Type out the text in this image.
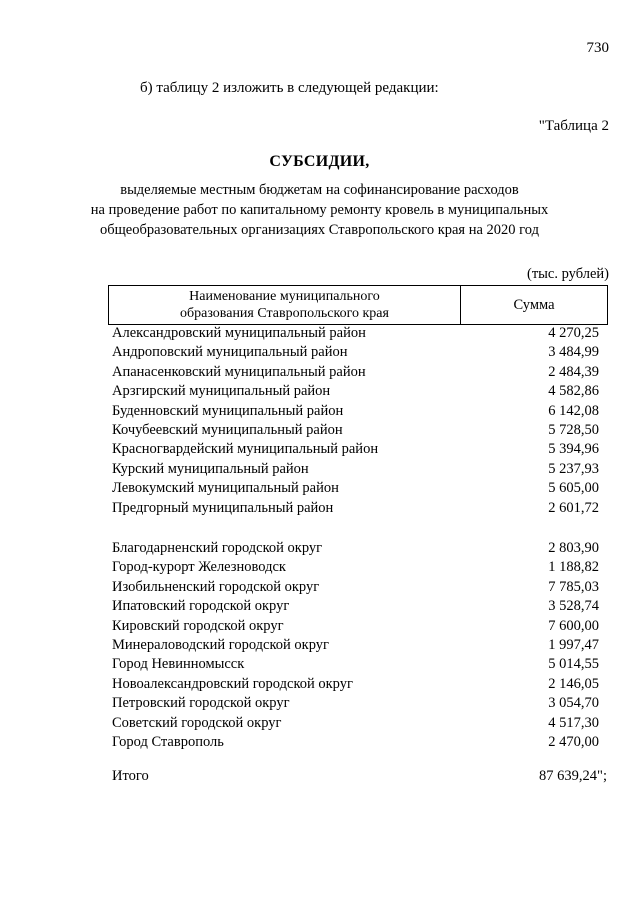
730
б) таблицу 2 изложить в следующей редакции:
"Таблица 2
СУБСИДИИ,
выделяемые местным бюджетам на софинансирование расходов
на проведение работ по капитальному ремонту кровель в муниципальных
общеобразовательных организациях Ставропольского края на 2020 год
(тыс. рублей)
Наименование муниципального
образования Ставропольского края
Сумма
Александровский муниципальный район	4 270,25
Андроповский муниципальный район	3 484,99
Апанасенковский муниципальный район	2 484,39
Арзгирский муниципальный район	4 582,86
Буденновский муниципальный район	6 142,08
Кочубеевский муниципальный район	5 728,50
Красногвардейский муниципальный район	5 394,96
Курский муниципальный район	5 237,93
Левокумский муниципальный район	5 605,00
Предгорный муниципальный район	2 601,72
Благодарненский городской округ	2 803,90
Город-курорт Железноводск	1 188,82
Изобильненский городской округ	7 785,03
Ипатовский городской округ	3 528,74
Кировский городской округ	7 600,00
Минераловодский городской округ	1 997,47
Город Невинномысск	5 014,55
Новоалександровский городской округ	2 146,05
Петровский городской округ	3 054,70
Советский городской округ	4 517,30
Город Ставрополь	2 470,00
Итого	87 639,24";
